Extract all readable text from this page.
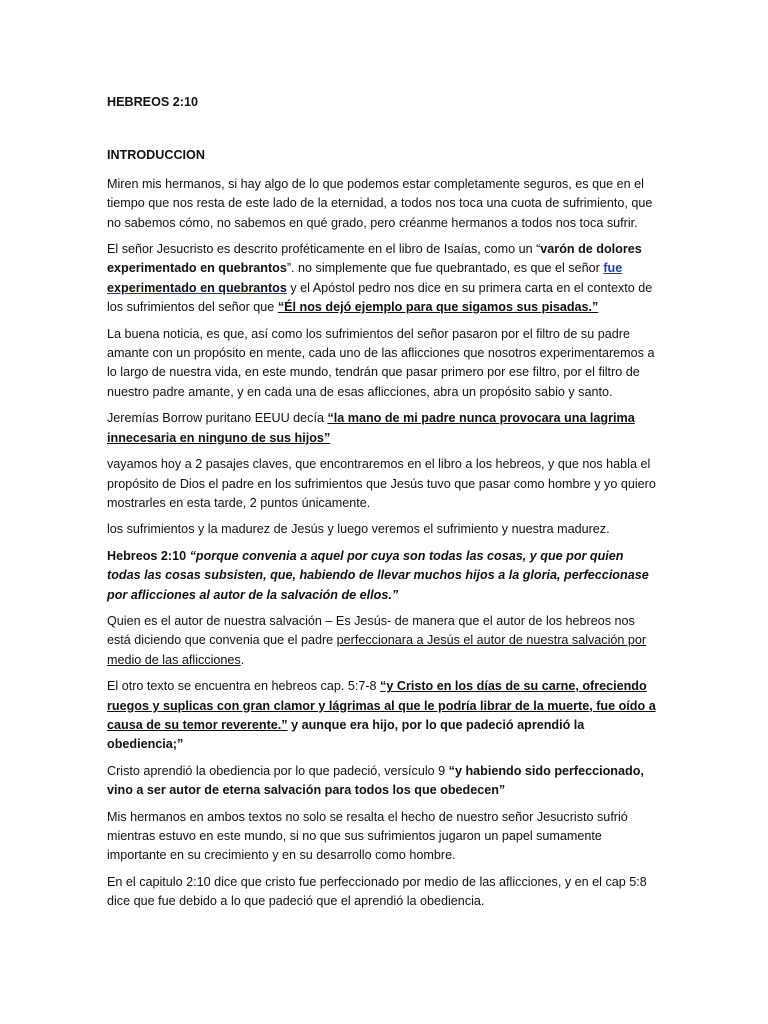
HEBREOS 2:10

INTRODUCCION

Miren mis hermanos, si hay algo de lo que podemos estar completamente seguros, es que en el tiempo que nos resta de este lado de la eternidad, a todos nos toca una cuota de sufrimiento, que no sabemos cómo, no sabemos en qué grado, pero créanme hermanos a todos nos toca sufrir.

El señor Jesucristo es descrito proféticamente en el libro de Isaías, como un “varón de dolores experimentado en quebrantos”. no simplemente que fue quebrantado, es que el señor fue experimentado en quebrantos y el Apóstol pedro nos dice en su primera carta en el contexto de los sufrimientos del señor que “Él nos dejó ejemplo para que sigamos sus pisadas.”

La buena noticia, es que, así como los sufrimientos del señor pasaron por el filtro de su padre amante con un propósito en mente, cada uno de las aflicciones que nosotros experimentaremos a lo largo de nuestra vida, en este mundo, tendrán que pasar primero por ese filtro, por el filtro de nuestro padre amante, y en cada una de esas aflicciones, abra un propósito sabio y santo.

Jeremías Borrow puritano EEUU decía “la mano de mi padre nunca provocara una lagrima innecesaria en ninguno de sus hijos”

vayamos hoy a 2 pasajes claves, que encontraremos en el libro a los hebreos, y que nos habla el propósito de Dios el padre en los sufrimientos que Jesús tuvo que pasar como hombre y yo quiero mostrarles en esta tarde, 2 puntos únicamente.

los sufrimientos y la madurez de Jesús y luego veremos el sufrimiento y nuestra madurez.

Hebreos 2:10 “porque convenia a aquel por cuya son todas las cosas, y que por quien todas las cosas subsisten, que, habiendo de llevar muchos hijos a la gloria, perfeccionase por aflicciones al autor de la salvación de ellos.”

Quien es el autor de nuestra salvación – Es Jesús- de manera que el autor de los hebreos nos está diciendo que convenia que el padre perfeccionara a Jesús el autor de nuestra salvación por medio de las aflicciones.

El otro texto se encuentra en hebreos cap. 5:7-8 “y Cristo en los días de su carne, ofreciendo ruegos y suplicas con gran clamor y lágrimas al que le podría librar de la muerte, fue oído a causa de su temor reverente.” y aunque era hijo, por lo que padeció aprendió la obediencia;”

Cristo aprendió la obediencia por lo que padeció, versículo 9 “y habiendo sido perfeccionado, vino a ser autor de eterna salvación para todos los que obedecen”

Mis hermanos en ambos textos no solo se resalta el hecho de nuestro señor Jesucristo sufrió mientras estuvo en este mundo, si no que sus sufrimientos jugaron un papel sumamente importante en su crecimiento y en su desarrollo como hombre.

En el capitulo 2:10 dice que cristo fue perfeccionado por medio de las aflicciones, y en el cap 5:8 dice que fue debido a lo que padeció que el aprendió la obediencia.
